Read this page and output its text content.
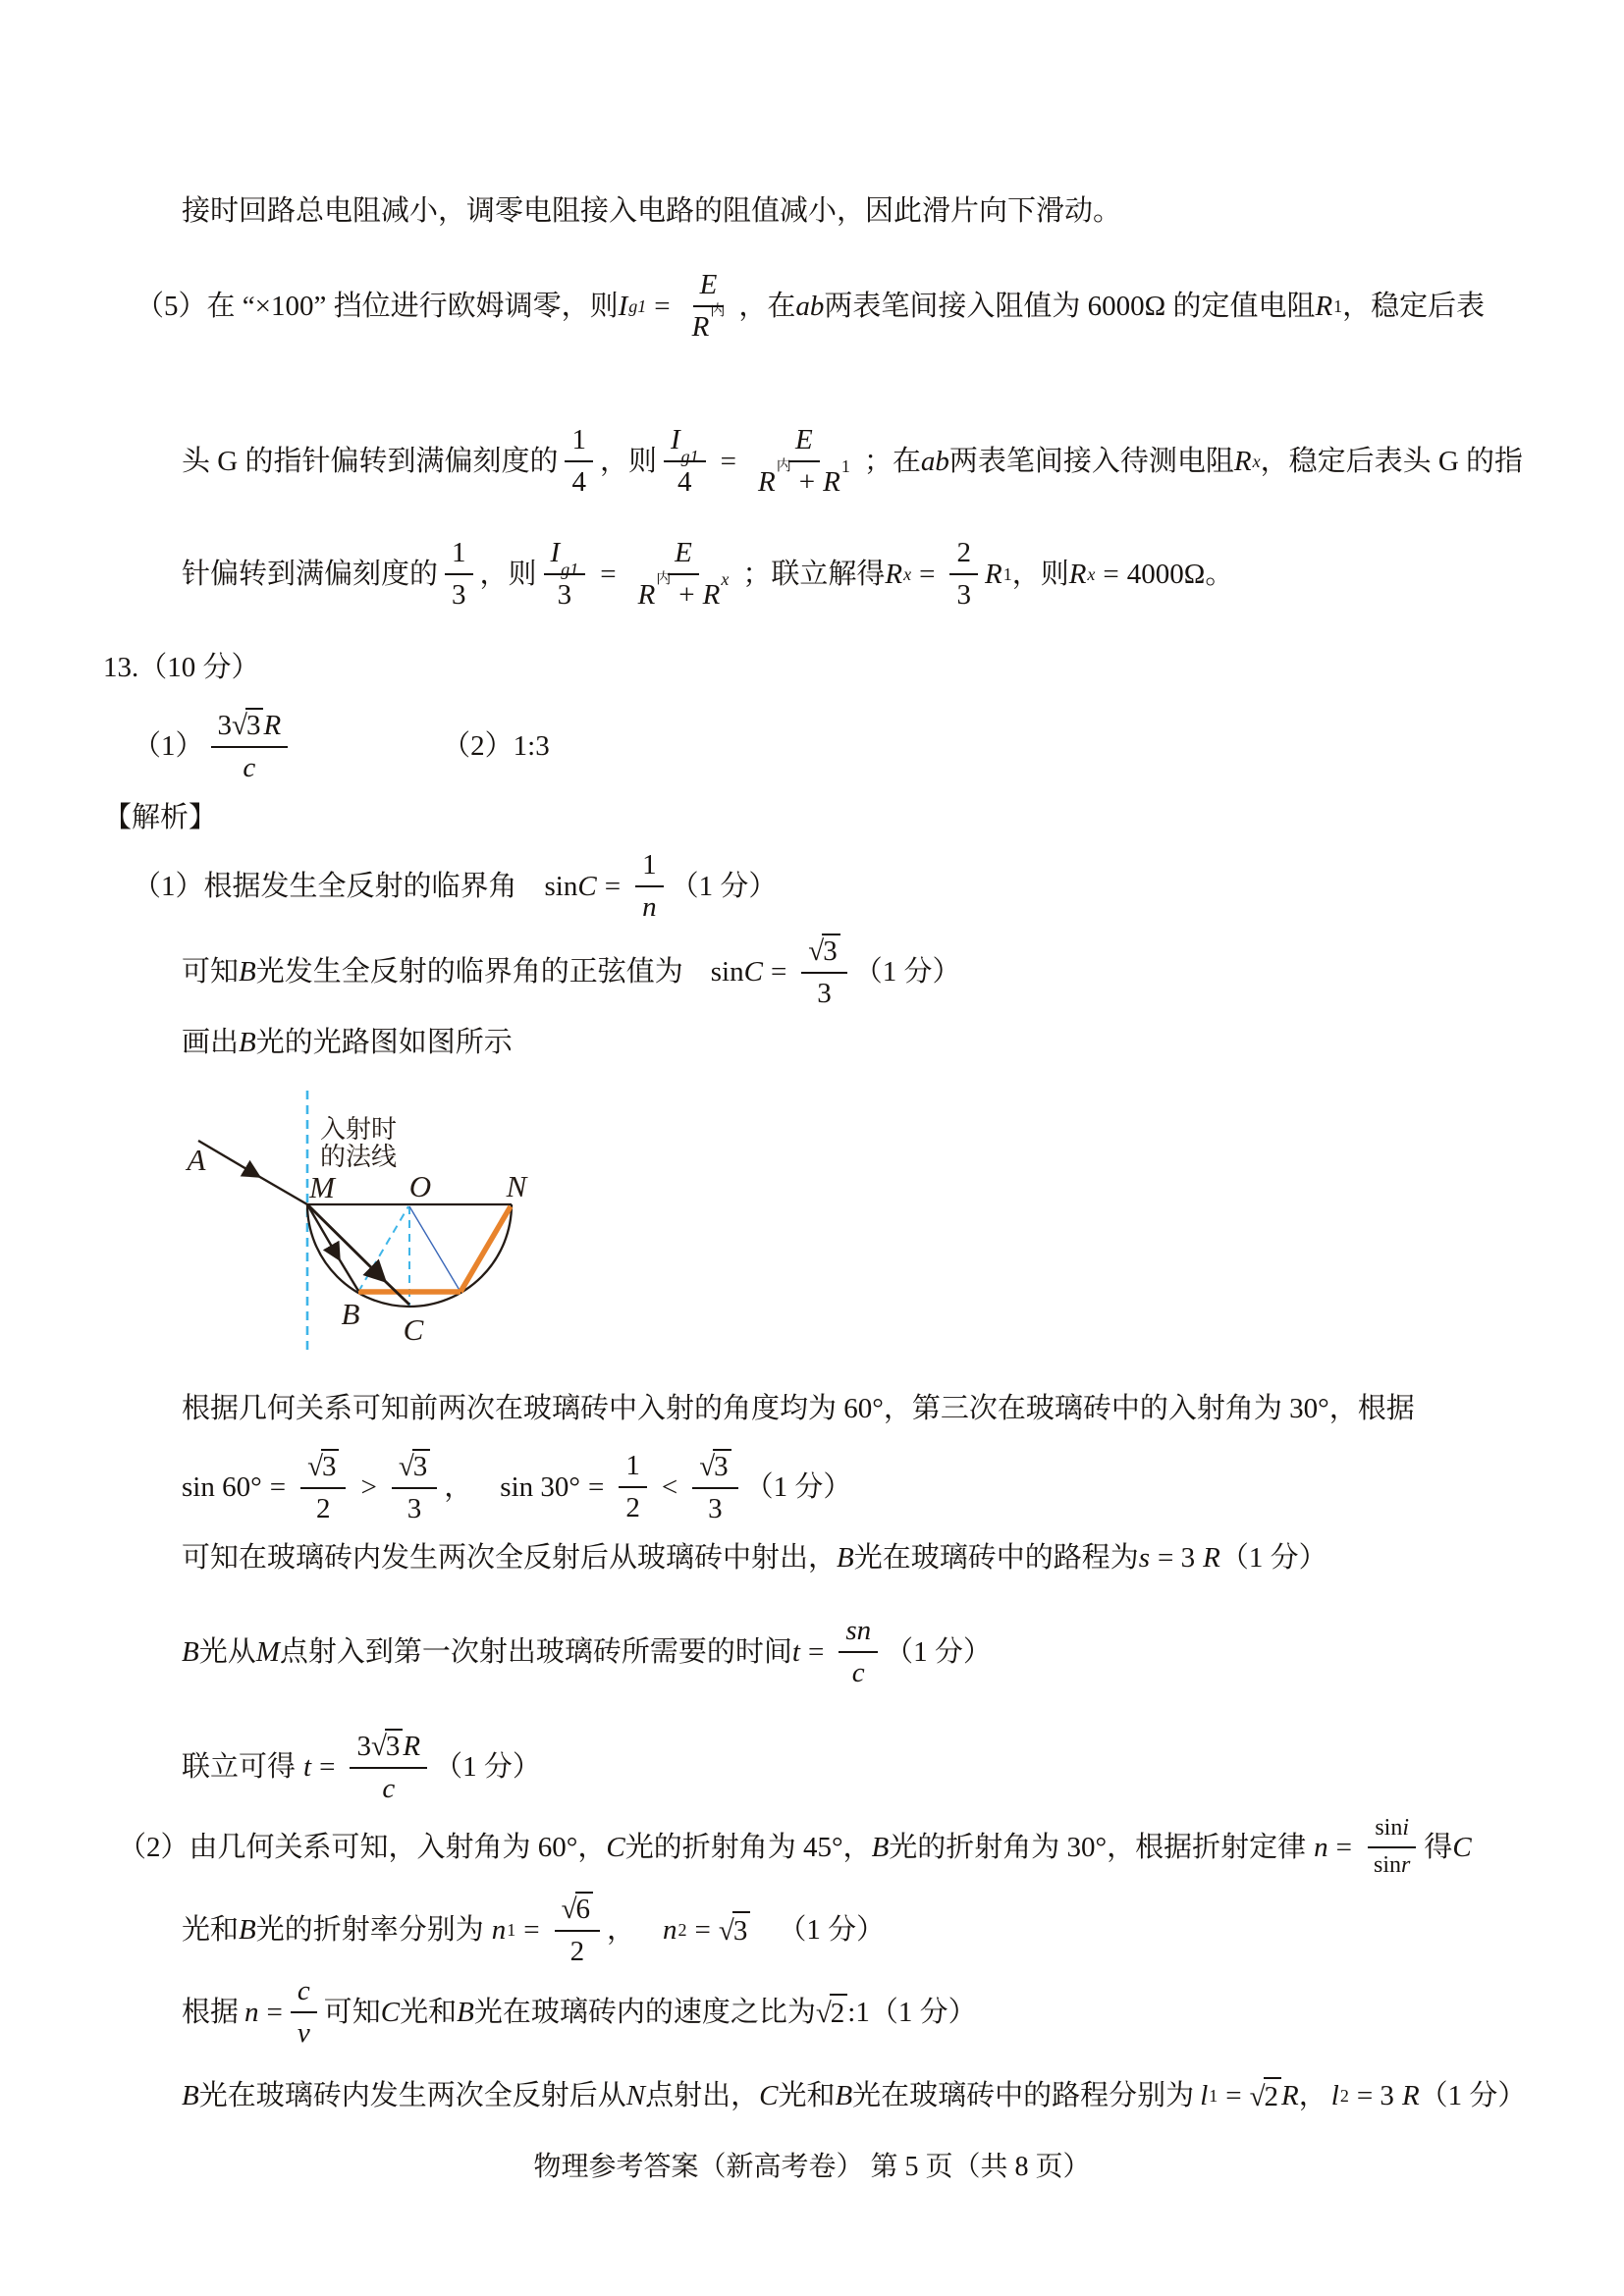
接时回路总电阻减小，调零电阻接入电路的阻值减小，因此滑片向下滑动。
（5）在 “×100” 挡位进行欧姆调零，则 I $g1 = \frac{E}{\text{R 内}}$ ，在 ab 两表笔间接入阻值为 6000Ω 的定值电阻 R 1 ，稳定后表
头 G 的指针偏转到满偏刻度的 $\frac{1}{4}$ ，则 I
g1
$4 = \frac{E}{\text{R 内 + R 1}}$ ；在 ab 两表笔间接入待测电阻 R x ，稳定后表头 G 的指
针偏转到满偏刻度的 $\frac{1}{3}$ ，则 I
g1
$3 = \frac{E}{\text{R 内 + R x}}$ ；联立解得 R $x = \frac{2}{3}$ R 1 ，则 R x = 4000Ω。
13.（10 分）
$(1) \frac{3 √ 3 R}{c}$	（2）1:3
【解析】
（1）根据发生全反射的临界角 $\sin C = \frac{1}{n} (1$ 分）
可知 B 光发生全反射的临界角的正弦值为 $\sin C = \frac{√ 3}{3} (1$ 分）
画出 B 光的光路图如图所示
A
M O N
B C
入射时
的法线
根据几何关系可知前两次在玻璃砖中入射的角度均为 60°，第三次在玻璃砖中的入射角为 30°，根据
$\sin 60^\circ = \frac{√ 3}{2} > \frac{√ 3}{3}$ ， $\sin 30^\circ = \frac{1}{2} < \frac{√ 3}{3} (1$ 分）
可知在玻璃砖内发生两次全反射后从玻璃砖中射出， B 光在玻璃砖中的路程为 s = 3 R （1 分）
B 光从 M 点射入到第一次射出玻璃砖所需要的时间 $t = \frac{\text{s n}}{c} (1$ 分）
联立可得 $t = \frac{3 √ 3 R}{c} (1$ 分）
（2）由几何关系可知，入射角为 60°， C 光的折射角为 45°， B 光的折射角为 30°，根据折射定律 $n = \frac{\text{sin i}}{\text{sin r}}$ 得 C
光和 B 光的折射率分别为 n $1 = \frac{√ 6}{2}$ ， n 2 = √ 3 （1 分）
根据 $n = \frac{c}{v}$ 可知 C 光和 B 光在玻璃砖内的速度之比为 √ 2 :1 （1 分）
B 光在玻璃砖内发生两次全反射后从 N 点射出， C 光和 B 光在玻璃砖中的路程分别为 l 1 = √ 2 R ， l 2 = 3 R （1 分）
物理参考答案（新高考卷） 第 5 页（共 8 页）
